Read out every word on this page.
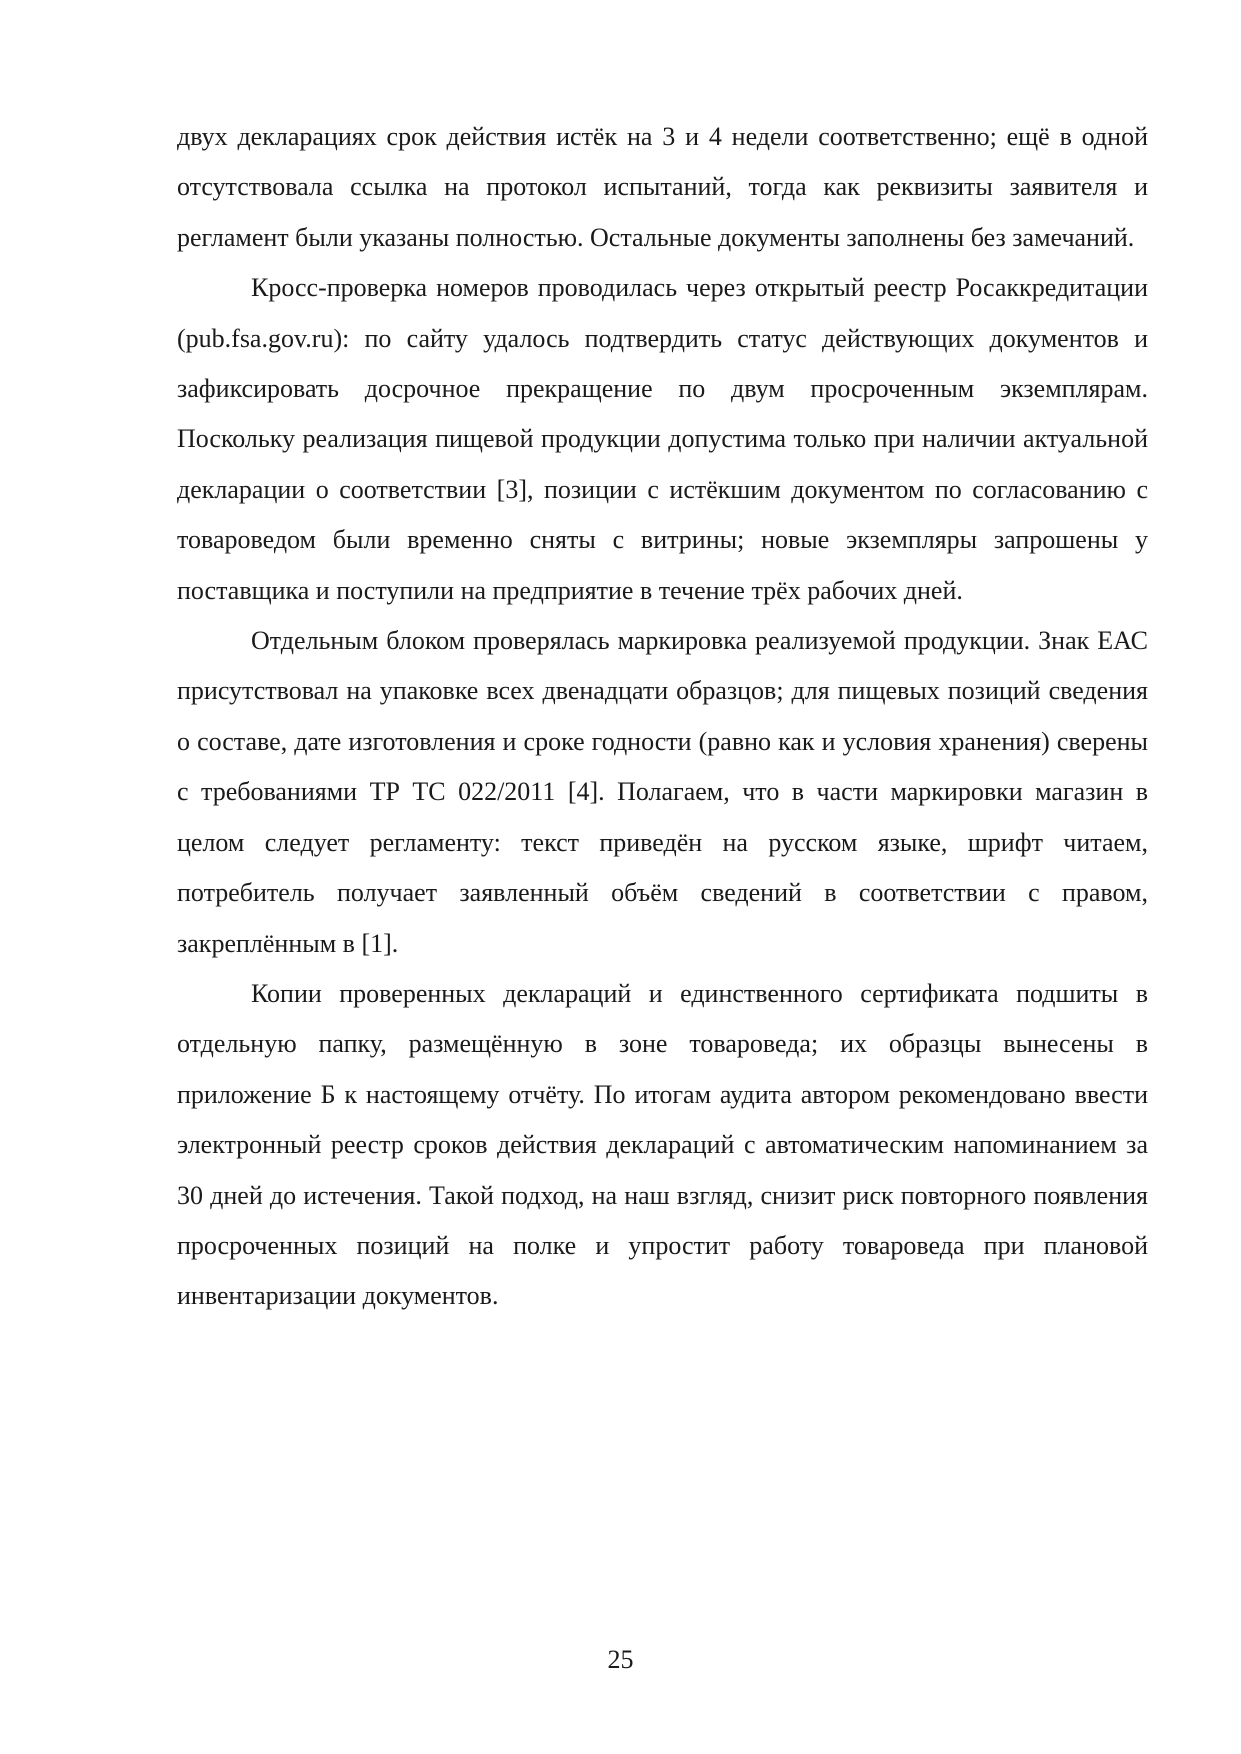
двух декларациях срок действия истёк на 3 и 4 недели соответственно; ещё в одной отсутствовала ссылка на протокол испытаний, тогда как реквизиты заявителя и регламент были указаны полностью. Остальные документы заполнены без замечаний.

Кросс-проверка номеров проводилась через открытый реестр Росаккредитации (pub.fsa.gov.ru): по сайту удалось подтвердить статус действующих документов и зафиксировать досрочное прекращение по двум просроченным экземплярам. Поскольку реализация пищевой продукции допустима только при наличии актуальной декларации о соответствии [3], позиции с истёкшим документом по согласованию с товароведом были временно сняты с витрины; новые экземпляры запрошены у поставщика и поступили на предприятие в течение трёх рабочих дней.

Отдельным блоком проверялась маркировка реализуемой продукции. Знак ЕАС присутствовал на упаковке всех двенадцати образцов; для пищевых позиций сведения о составе, дате изготовления и сроке годности (равно как и условия хранения) сверены с требованиями ТР ТС 022/2011 [4]. Полагаем, что в части маркировки магазин в целом следует регламенту: текст приведён на русском языке, шрифт читаем, потребитель получает заявленный объём сведений в соответствии с правом, закреплённым в [1].

Копии проверенных деклараций и единственного сертификата подшиты в отдельную папку, размещённую в зоне товароведа; их образцы вынесены в приложение Б к настоящему отчёту. По итогам аудита автором рекомендовано ввести электронный реестр сроков действия деклараций с автоматическим напоминанием за 30 дней до истечения. Такой подход, на наш взгляд, снизит риск повторного появления просроченных позиций на полке и упростит работу товароведа при плановой инвентаризации документов.

25
